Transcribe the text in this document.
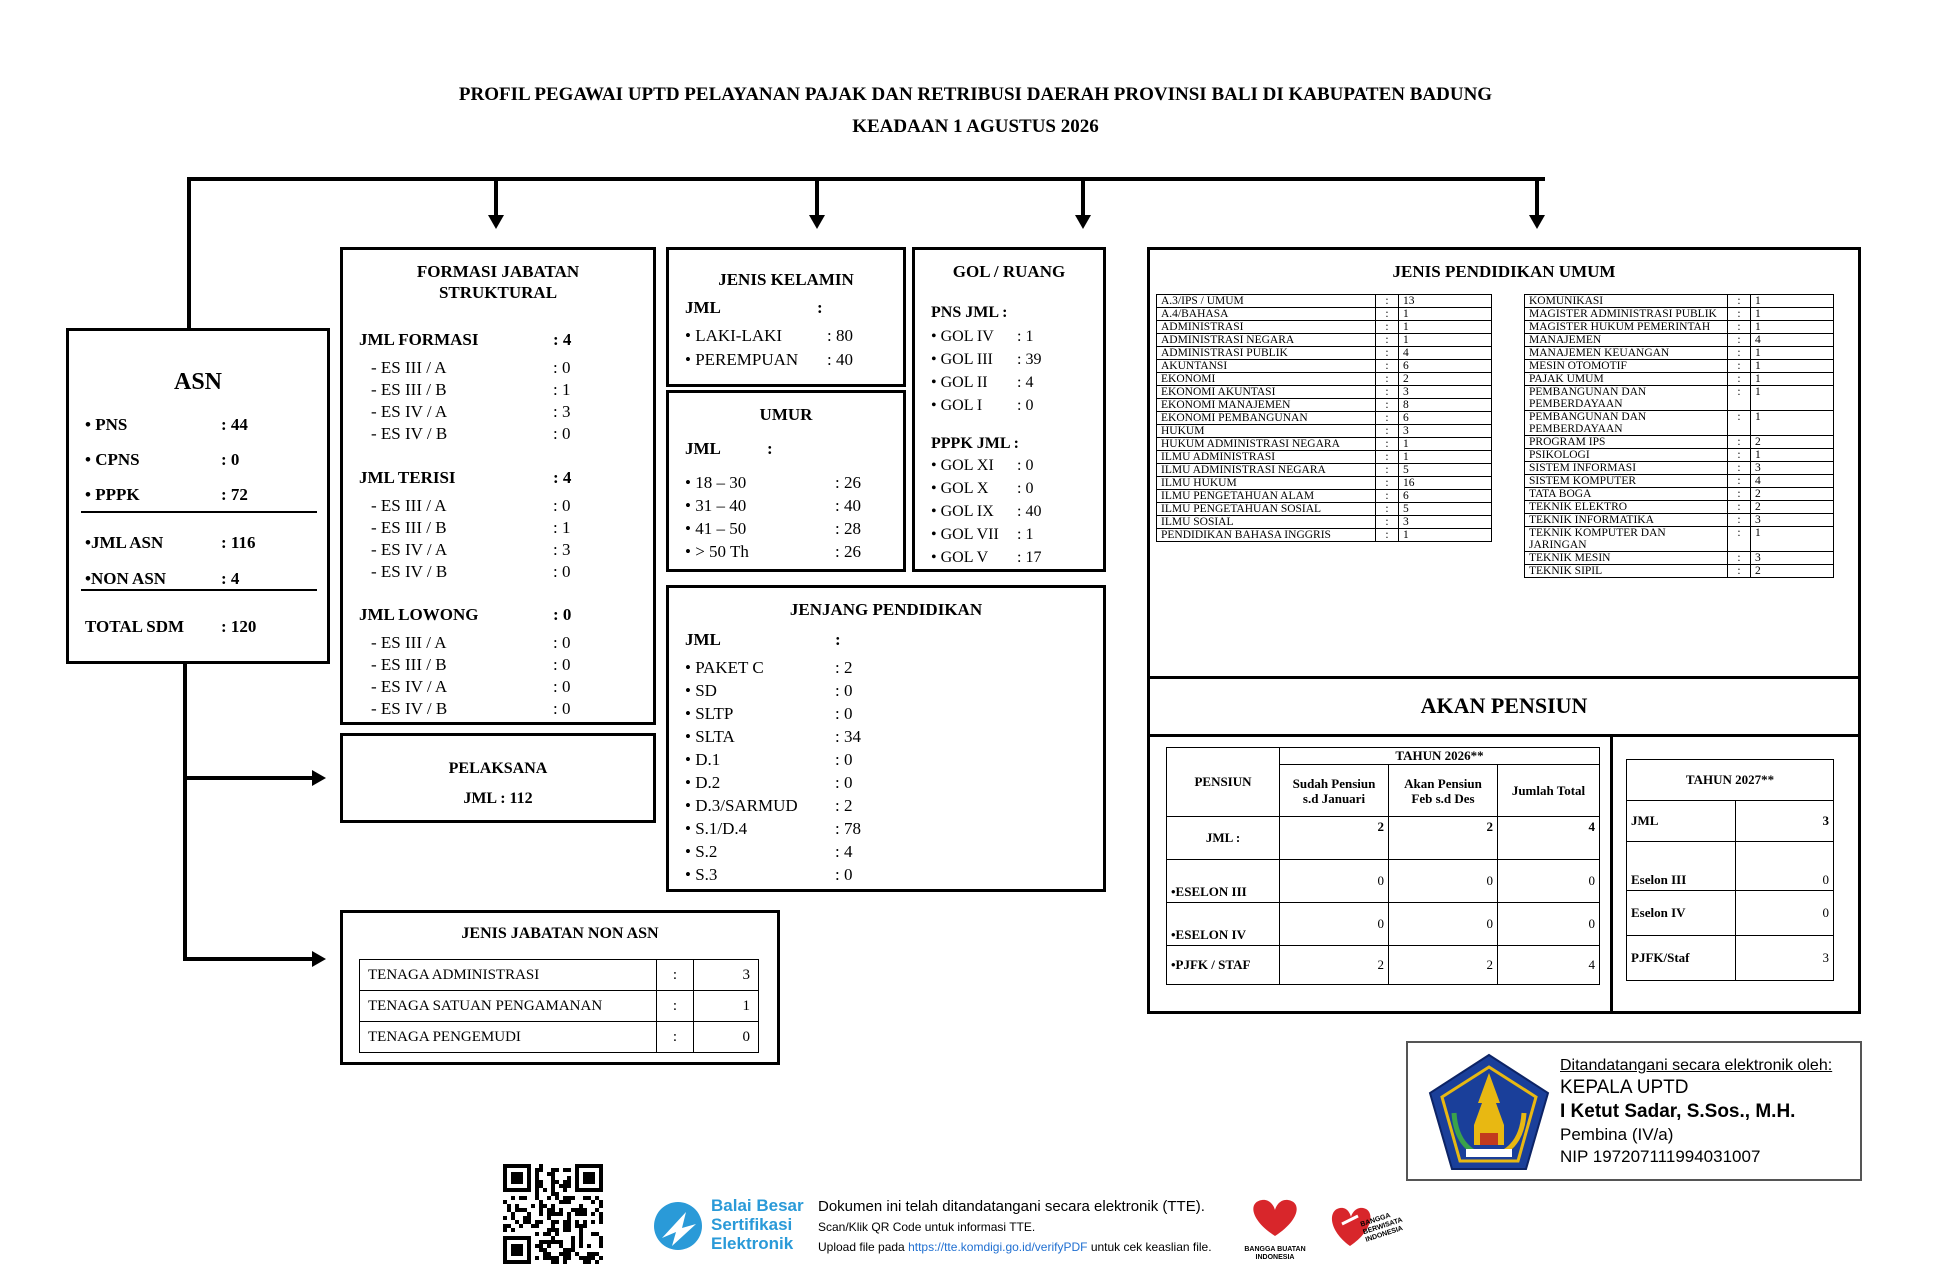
PROFIL PEGAWAI UPTD PELAYANAN PAJAK DAN RETRIBUSI DAERAH PROVINSI BALI DI KABUPATEN BADUNG
KEADAAN 1 AGUSTUS 2026
ASN
• PNS	: 44
• CPNS	: 0
• PPPK	: 72
•JML ASN	: 116
•NON ASN	: 4
TOTAL SDM : 120
FORMASI JABATAN
STRUKTURAL
JML FORMASI	: 4
- ES III / A	: 0
- ES III / B	: 1
- ES IV / A	: 3
- ES IV / B	: 0
JML TERISI	: 4
- ES III / A	: 0
- ES III / B	: 1
- ES IV / A	: 3
- ES IV / B	: 0
JML LOWONG	: 0
- ES III / A	: 0
- ES III / B	: 0
- ES IV / A	: 0
- ES IV / B	: 0
PELAKSANA
JML : 112
JENIS KELAMIN
JML	:
• LAKI-LAKI	: 80
• PEREMPUAN : 40
UMUR
JML	:
• 18 – 30	: 26
• 31 – 40	: 40
• 41 – 50	: 28
• > 50 Th	: 26
GOL / RUANG
PNS JML :
• GOL IV : 1
• GOL III : 39
• GOL II : 4
• GOL I : 0
PPPK JML :
• GOL XI : 0
• GOL X : 0
• GOL IX : 40
• GOL VII : 1
• GOL V : 17
JENJANG PENDIDIKAN
JML	:
• PAKET C	: 2
• SD	: 0
• SLTP	: 0
• SLTA	: 34
• D.1	: 0
• D.2	: 0
• D.3/SARMUD : 2
• S.1/D.4	: 78
• S.2	: 4
• S.3	: 0
JENIS JABATAN NON ASN
TENAGA ADMINISTRASI	:	3
TENAGA SATUAN PENGAMANAN	:	1
TENAGA PENGEMUDI	:	0
JENIS PENDIDIKAN UMUM
A.3/IPS / UMUM	:	13
A.4/BAHASA	:	1
ADMINISTRASI	:	1
ADMINISTRASI NEGARA	:	1
ADMINISTRASI PUBLIK	:	4
AKUNTANSI	:	6
EKONOMI	:	2
EKONOMI AKUNTASI	:	3
EKONOMI MANAJEMEN	:	8
EKONOMI PEMBANGUNAN	:	6
HUKUM	:	3
HUKUM ADMINISTRASI NEGARA	:	1
ILMU ADMINISTRASI	:	1
ILMU ADMINISTRASI NEGARA	:	5
ILMU HUKUM	:	16
ILMU PENGETAHUAN ALAM	:	6
ILMU PENGETAHUAN SOSIAL	:	5
ILMU SOSIAL	:	3
PENDIDIKAN BAHASA INGGRIS	:	1
KOMUNIKASI	:	1
MAGISTER ADMINISTRASI PUBLIK	:	1
MAGISTER HUKUM PEMERINTAH	:	1
MANAJEMEN	:	4
MANAJEMEN KEUANGAN	:	1
MESIN OTOMOTIF	:	1
PAJAK UMUM	:	1
PEMBANGUNAN DAN PEMBERDAYAAN	:	1
PEMBANGUNAN DAN PEMBERDAYAAN	:	1
PROGRAM IPS	:	2
PSIKOLOGI	:	1
SISTEM INFORMASI	:	3
SISTEM KOMPUTER	:	4
TATA BOGA	:	2
TEKNIK ELEKTRO	:	2
TEKNIK INFORMATIKA	:	3
TEKNIK KOMPUTER DAN JARINGAN	:	1
TEKNIK MESIN	:	3
TEKNIK SIPIL	:	2
AKAN PENSIUN
PENSIUN	TAHUN 2026**		
	Sudah Pensiun s.d Januari	Akan Pensiun Feb s.d Des	Jumlah Total
JML :	2	2	4
•ESELON III	0	0	0
•ESELON IV	0	0	0
•PJFK / STAF	2	2	4
TAHUN 2027**	
JML	3
Eselon III	0
Eselon IV	0
PJFK/Staf	3
Ditandatangani secara elektronik oleh:
KEPALA UPTD
I Ketut Sadar, S.Sos., M.H.
Pembina (IV/a)
NIP 197207111994031007
Balai Besar
Sertifikasi
Elektronik
Dokumen ini telah ditandatangani secara elektronik (TTE).
Scan/Klik QR Code untuk informasi TTE.
Upload file pada https://tte.komdigi.go.id/verifyPDF untuk cek keaslian file.	BANGGA BUATAN INDONESIA
BANGGA BERWISATA INDONESIA
